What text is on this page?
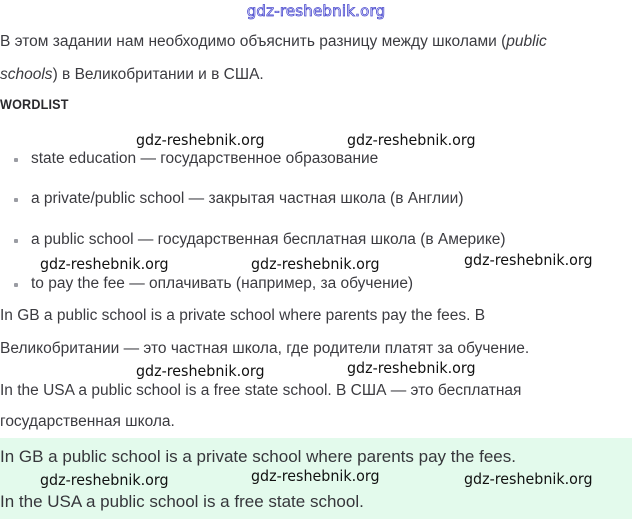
gdz-reshebnik.org
В этом задании нам необходимо объяснить разницу между школами (public
schools) в Великобритании и в США.
WORDLIST
state education — государственное образование
a private/public school — закрытая частная школа (в Англии)
a public school — государственная бесплатная школа (в Америке)
to pay the fee — оплачивать (например, за обучение)
In GB a public school is a private school where parents pay the fees. В
Великобритании — это частная школа, где родители платят за обучение.
In the USA a public school is a free state school. В США — это бесплатная
государственная школа.
In GB a public school is a private school where parents pay the fees.
In the USA a public school is a free state school.
gdz-reshebnik.org	gdz-reshebnik.org
gdz-reshebnik.org	gdz-reshebnik.org	gdz-reshebnik.org
gdz-reshebnik.org	gdz-reshebnik.org
gdz-reshebnik.org	gdz-reshebnik.org	gdz-reshebnik.org
